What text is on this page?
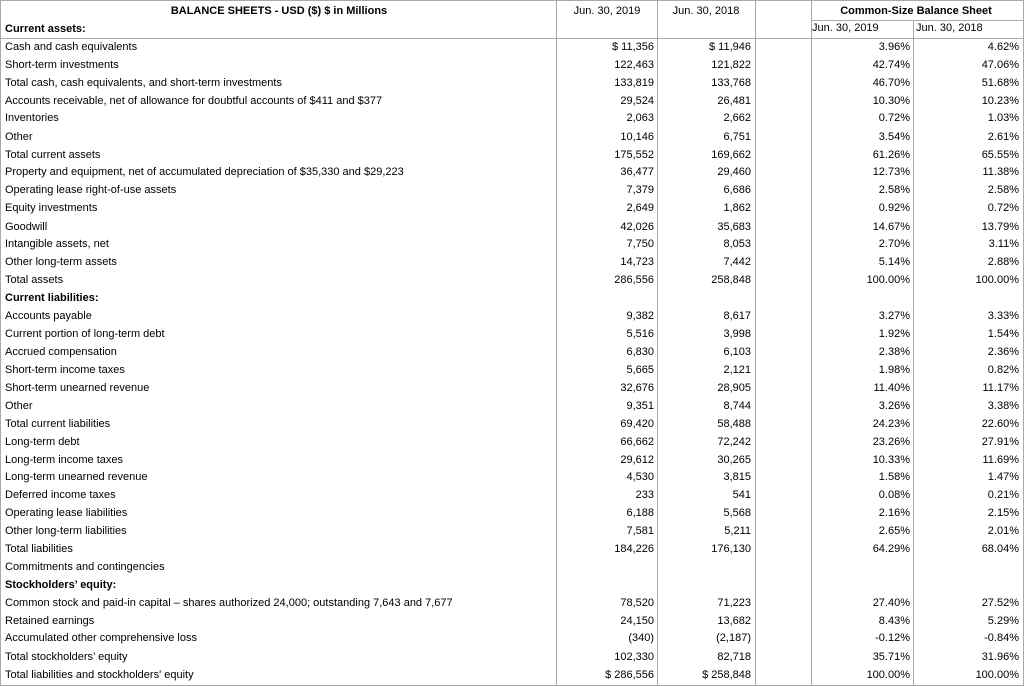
BALANCE SHEETS - USD ($) $ in Millions	Jun. 30, 2019	Jun. 30, 2018	Common-Size Balance Sheet
Jun. 30, 2019	Jun. 30, 2018
Current assets:
Cash and cash equivalents	$ 11,356	$ 11,946	3.96%	4.62%
Short-term investments	122,463	121,822	42.74%	47.06%
Total cash, cash equivalents, and short-term investments	133,819	133,768	46.70%	51.68%
Accounts receivable, net of allowance for doubtful accounts of $411 and $377	29,524	26,481	10.30%	10.23%
Inventories	2,063	2,662	0.72%	1.03%
Other	10,146	6,751	3.54%	2.61%
Total current assets	175,552	169,662	61.26%	65.55%
Property and equipment, net of accumulated depreciation of $35,330 and $29,223	36,477	29,460	12.73%	11.38%
Operating lease right-of-use assets	7,379	6,686	2.58%	2.58%
Equity investments	2,649	1,862	0.92%	0.72%
Goodwill	42,026	35,683	14.67%	13.79%
Intangible assets, net	7,750	8,053	2.70%	3.11%
Other long-term assets	14,723	7,442	5.14%	2.88%
Total assets	286,556	258,848	100.00%	100.00%
Current liabilities:
Accounts payable	9,382	8,617	3.27%	3.33%
Current portion of long-term debt	5,516	3,998	1.92%	1.54%
Accrued compensation	6,830	6,103	2.38%	2.36%
Short-term income taxes	5,665	2,121	1.98%	0.82%
Short-term unearned revenue	32,676	28,905	11.40%	11.17%
Other	9,351	8,744	3.26%	3.38%
Total current liabilities	69,420	58,488	24.23%	22.60%
Long-term debt	66,662	72,242	23.26%	27.91%
Long-term income taxes	29,612	30,265	10.33%	11.69%
Long-term unearned revenue	4,530	3,815	1.58%	1.47%
Deferred income taxes	233	541	0.08%	0.21%
Operating lease liabilities	6,188	5,568	2.16%	2.15%
Other long-term liabilities	7,581	5,211	2.65%	2.01%
Total liabilities	184,226	176,130	64.29%	68.04%
Commitments and contingencies
Stockholders’ equity:
Common stock and paid-in capital – shares authorized 24,000; outstanding 7,643 and 7,677	78,520	71,223	27.40%	27.52%
Retained earnings	24,150	13,682	8.43%	5.29%
Accumulated other comprehensive loss	(340)	(2,187)	-0.12%	-0.84%
Total stockholders’ equity	102,330	82,718	35.71%	31.96%
Total liabilities and stockholders' equity	$ 286,556	$ 258,848	100.00%	100.00%
